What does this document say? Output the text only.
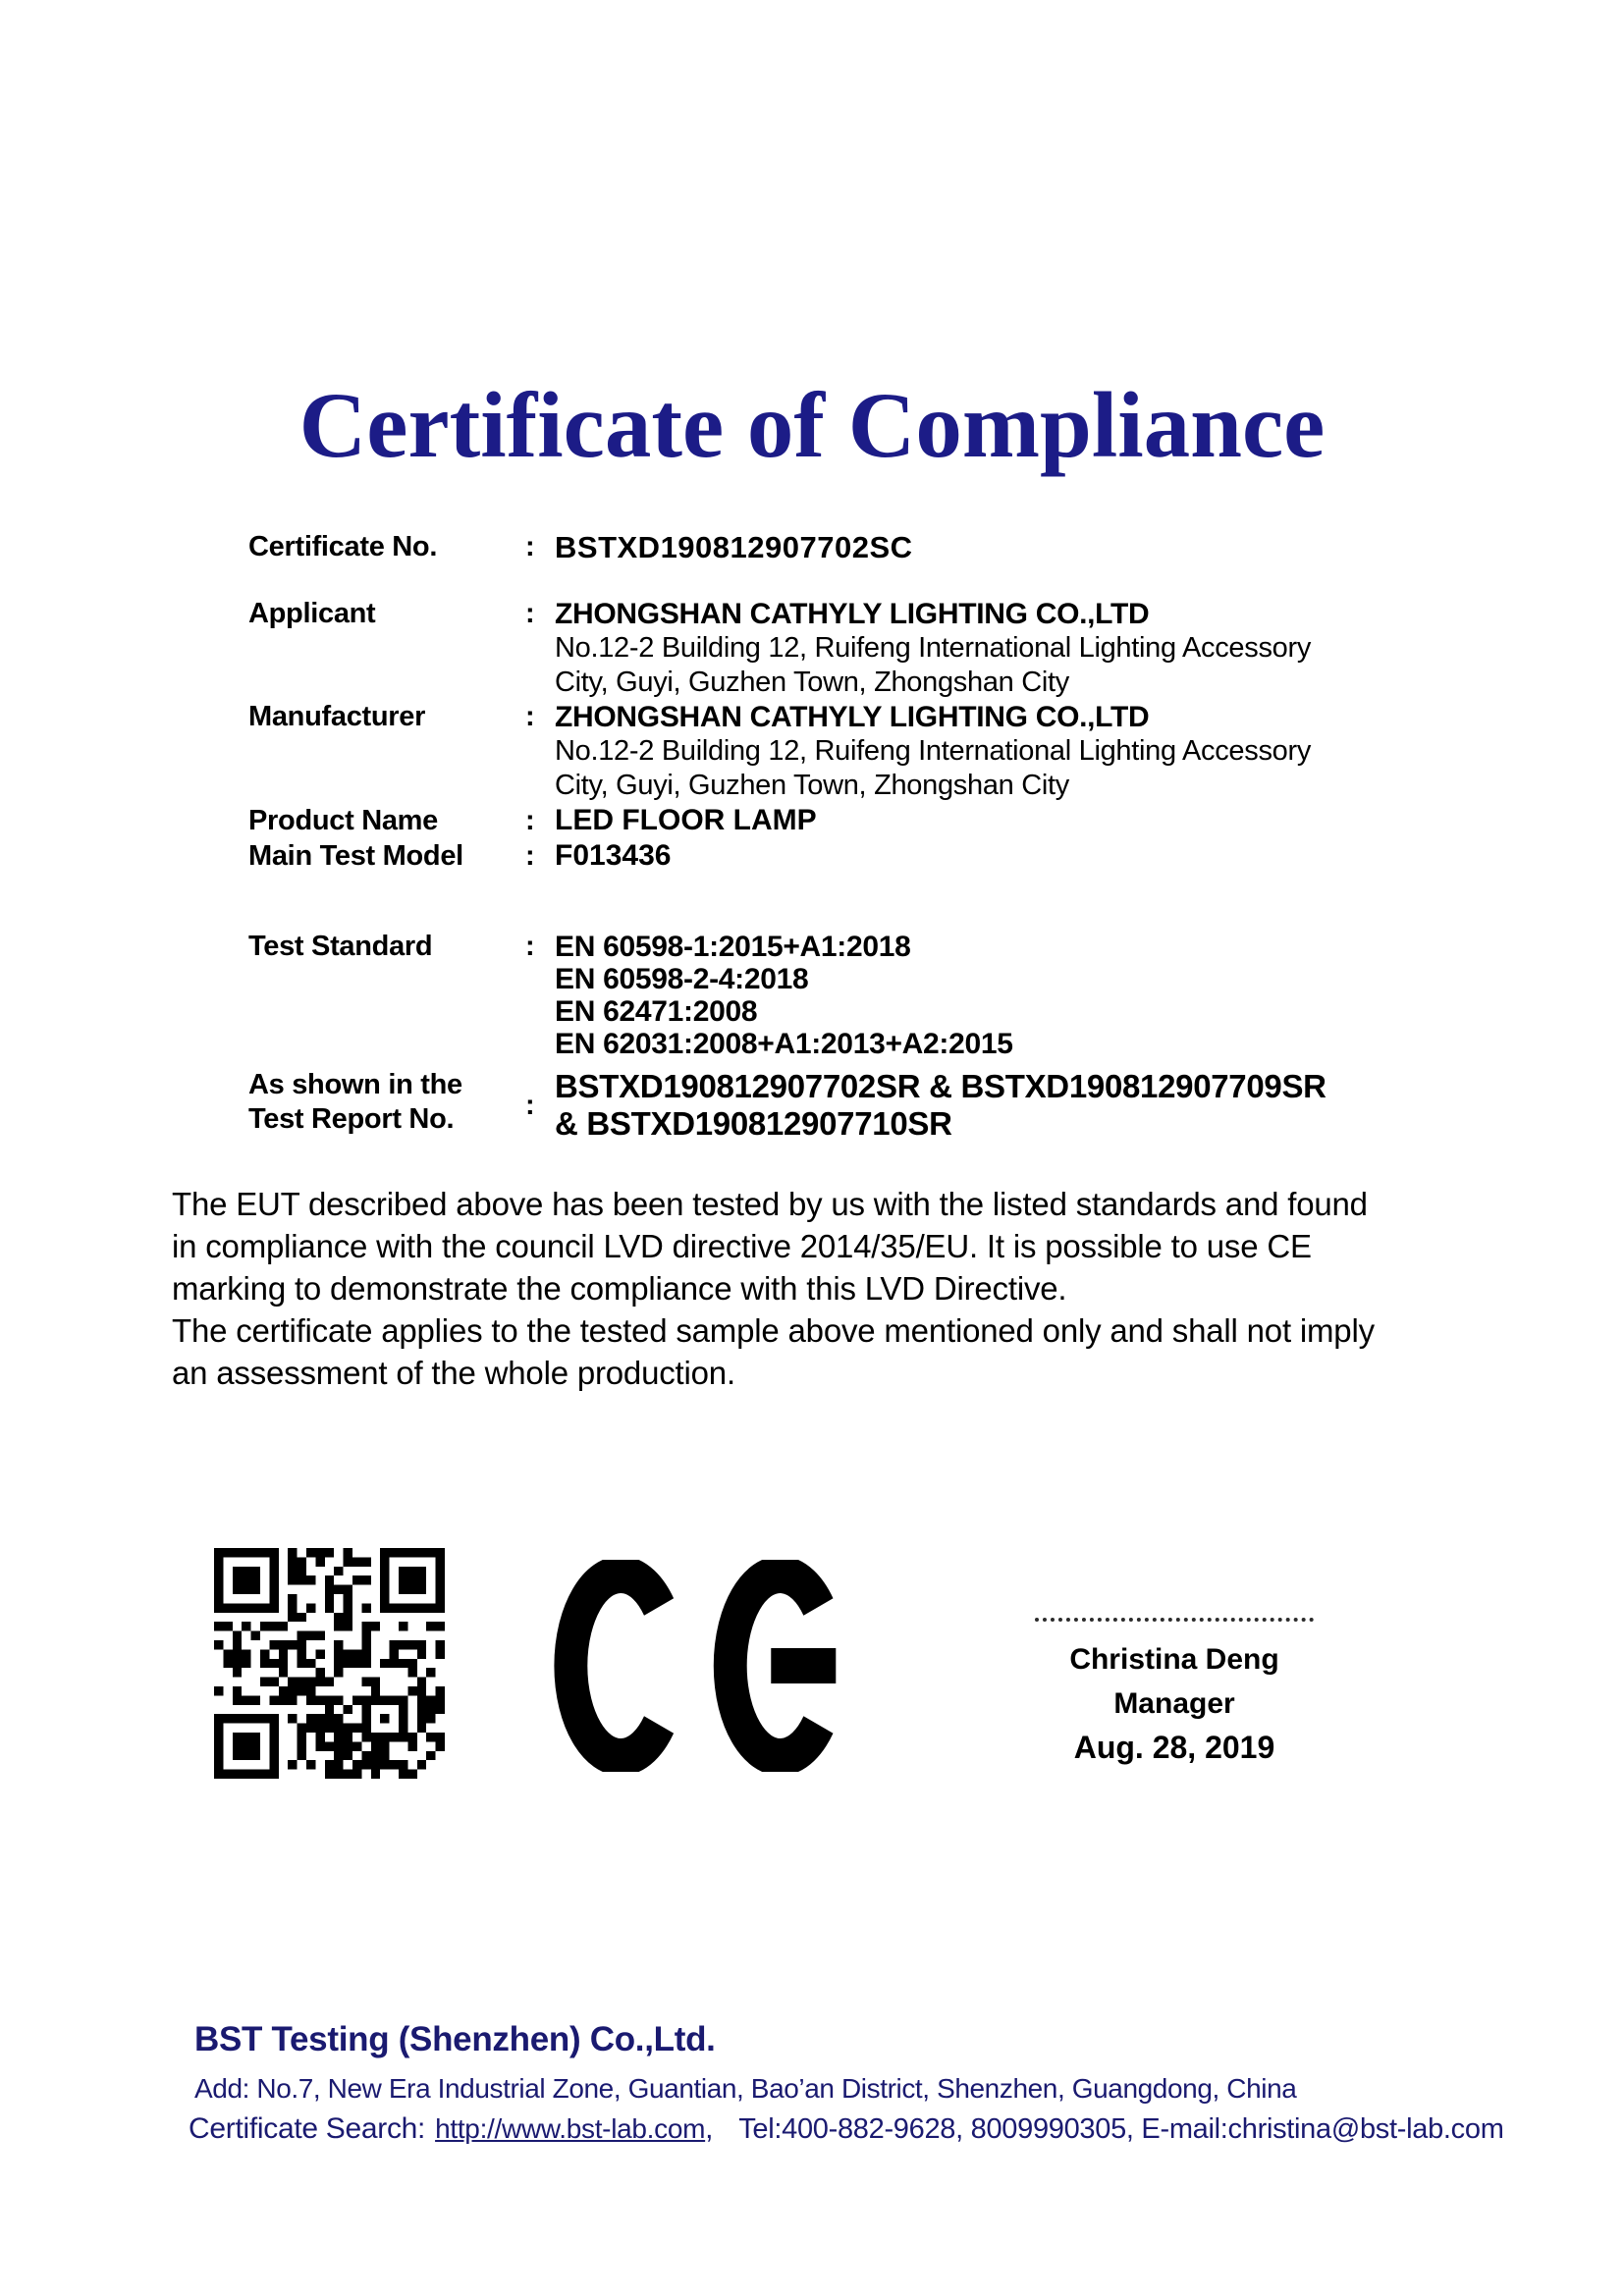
Certificate of Compliance
Certificate No.	: BSTXD190812907702SC
Applicant	: ZHONGSHAN CATHYLY LIGHTING CO.,LTD
No.12-2 Building 12, Ruifeng International Lighting Accessory
City, Guyi, Guzhen Town, Zhongshan City
Manufacturer	: ZHONGSHAN CATHYLY LIGHTING CO.,LTD
No.12-2 Building 12, Ruifeng International Lighting Accessory
City, Guyi, Guzhen Town, Zhongshan City
Product Name	: LED FLOOR LAMP
Main Test Model	: F013436
Test Standard	: EN 60598-1:2015+A1:2018
EN 60598-2-4:2018
EN 62471:2008
EN 62031:2008+A1:2013+A2:2015
As shown in the
Test Report No.	:
BSTXD190812907702SR & BSTXD190812907709SR
& BSTXD190812907710SR
The EUT described above has been tested by us with the listed standards and found
in compliance with the council LVD directive 2014/35/EU. It is possible to use CE
marking to demonstrate the compliance with this LVD Directive.
The certificate applies to the tested sample above mentioned only and shall not imply
an assessment of the whole production.
Christina Deng
Manager
Aug. 28, 2019
BST Testing (Shenzhen) Co.,Ltd.
Add: No.7, New Era Industrial Zone, Guantian, Bao’an District, Shenzhen, Guangdong, China
Certificate Search: http://www.bst-lab.com, Tel:400-882-9628, 8009990305, E-mail:christina@bst-lab.com
